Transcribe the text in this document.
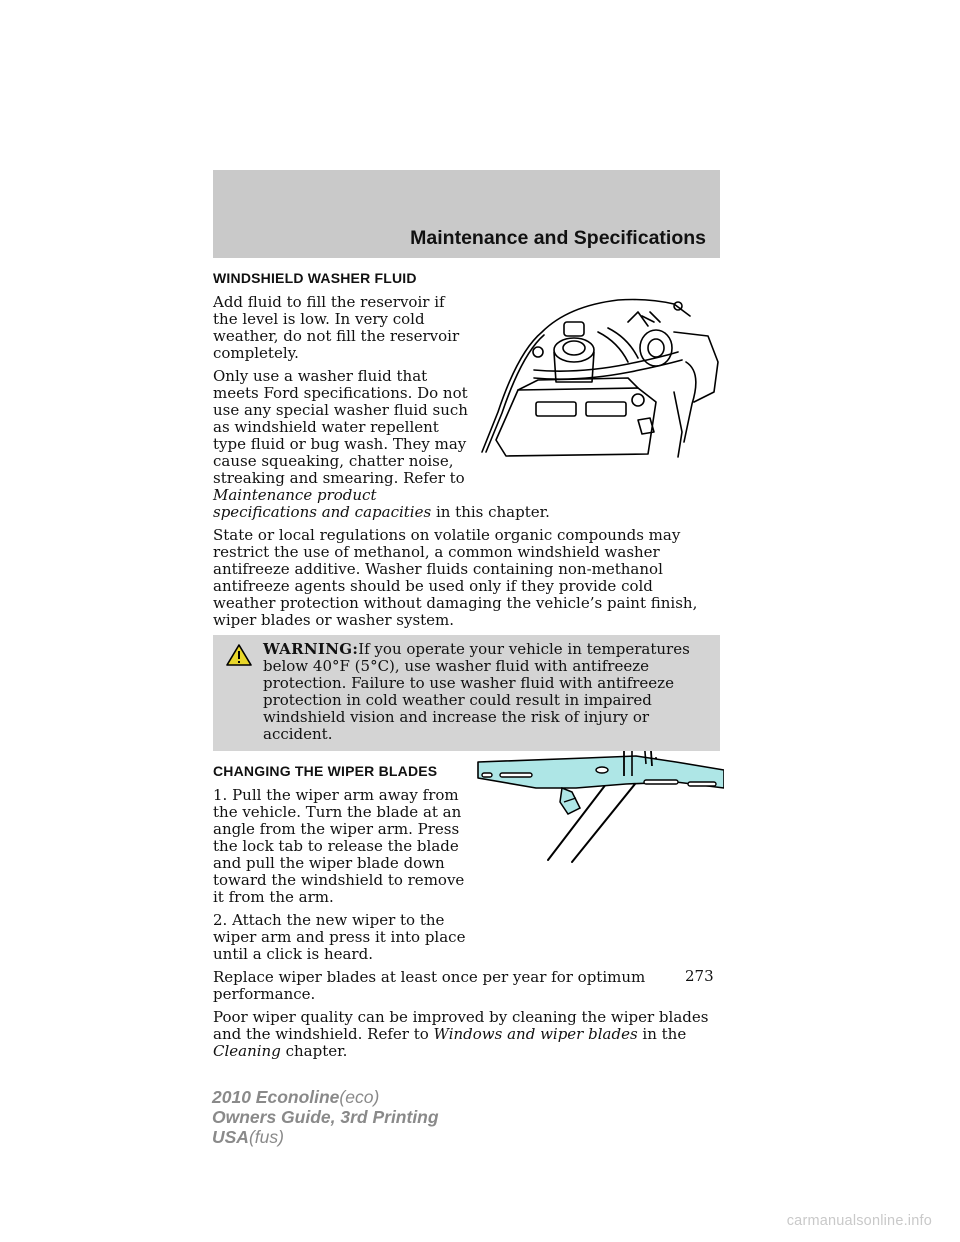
Maintenance and Specifications
WINDSHIELD WASHER FLUID

Add fluid to fill the reservoir if the level is low. In very cold weather, do not fill the reservoir completely.

Only use a washer fluid that meets Ford specifications. Do not use any special washer fluid such as windshield water repellent type fluid or bug wash. They may cause squeaking, chatter noise, streaking and smearing. Refer to
Maintenance product

specifications and capacities in this chapter.

State or local regulations on volatile organic compounds may restrict the use of methanol, a common windshield washer antifreeze additive. Washer fluids containing non-methanol antifreeze agents should be used only if they provide cold weather protection without damaging the vehicle’s paint finish, wiper blades or washer system.

WARNING:If you operate your vehicle in temperatures below 40°F (5°C), use washer fluid with antifreeze protection. Failure to use washer fluid with antifreeze protection in cold weather could result in impaired windshield vision and increase the risk of injury or accident.
CHANGING THE WIPER BLADES

1. Pull the wiper arm away from the vehicle. Turn the blade at an angle from the wiper arm. Press the lock tab to release the blade and pull the wiper blade down toward the windshield to remove it from the arm.

2. Attach the new wiper to the wiper arm and press it into place until a click is heard.

Replace wiper blades at least once per year for optimum performance.

Poor wiper quality can be improved by cleaning the wiper blades and the windshield. Refer to Windows and wiper blades in the Cleaning chapter.

273
2010 Econoline(eco)
Owners Guide, 3rd Printing
USA(fus)
carmanualsonline.info
